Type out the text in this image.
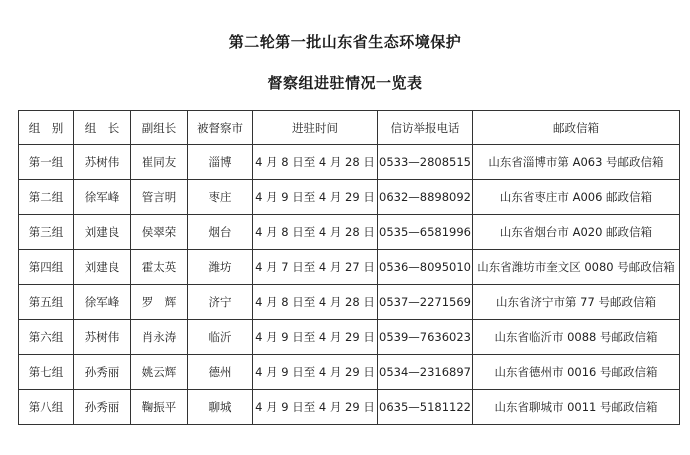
第二轮第一批山东省生态环境保护
督察组进驻情况一览表
组　别	组　长	副组长	被督察市	进驻时间	信访举报电话	邮政信箱
第一组	苏树伟	崔同友	淄博	4 月 8 日至 4 月 28 日	0533—2808515	山东省淄博市第 A063 号邮政信箱
第二组	徐军峰	管言明	枣庄	4 月 9 日至 4 月 29 日	0632—8898092	山东省枣庄市 A006 邮政信箱
第三组	刘建良	侯翠荣	烟台	4 月 8 日至 4 月 28 日	0535—6581996	山东省烟台市 A020 邮政信箱
第四组	刘建良	霍太英	潍坊	4 月 7 日至 4 月 27 日	0536—8095010	山东省潍坊市奎文区 0080 号邮政信箱
第五组	徐军峰	罗　辉	济宁	4 月 8 日至 4 月 28 日	0537—2271569	山东省济宁市第 77 号邮政信箱
第六组	苏树伟	肖永涛	临沂	4 月 9 日至 4 月 29 日	0539—7636023	山东省临沂市 0088 号邮政信箱
第七组	孙秀丽	姚云辉	德州	4 月 9 日至 4 月 29 日	0534—2316897	山东省德州市 0016 号邮政信箱
第八组	孙秀丽	鞠振平	聊城	4 月 9 日至 4 月 29 日	0635—5181122	山东省聊城市 0011 号邮政信箱
